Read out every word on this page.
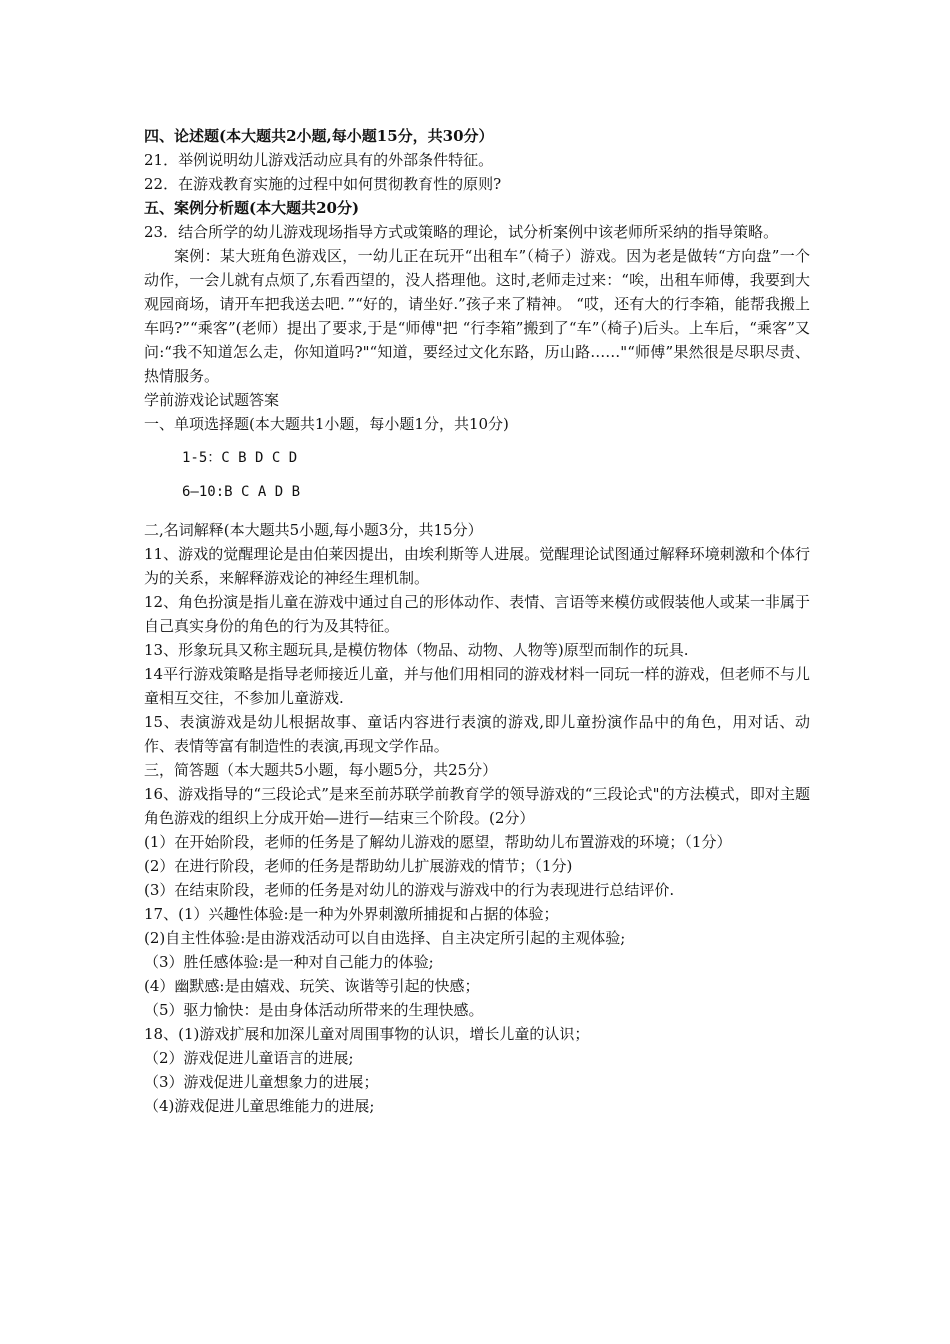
四、论述题(本大题共2小题,每小题15分，共30分）
21．举例说明幼儿游戏活动应具有的外部条件特征。
22．在游戏教育实施的过程中如何贯彻教育性的原则?
五、案例分析题(本大题共20分)
23．结合所学的幼儿游戏现场指导方式或策略的理论，试分析案例中该老师所采纳的指导策略。
案例：某大班角色游戏区，一幼儿正在玩开“出租车”（椅子）游戏。因为老是做转“方向盘”一个动作，一会儿就有点烦了,东看西望的，没人搭理他。这时,老师走过来：“唉，出租车师傅，我要到大观园商场，请开车把我送去吧．”“好的，请坐好.”孩子来了精神。 “哎，还有大的行李箱，能帮我搬上车吗?”“乘客”(老师）提出了要求,于是“师傅"把 “行李箱”搬到了“车”（椅子)后头。上车后，“乘客”又问:“我不知道怎么走，你知道吗?"“知道，要经过文化东路，历山路……"“师傅”果然很是尽职尽责、热情服务。
学前游戏论试题答案
一、单项选择题(本大题共1小题，每小题1分，共10分)
1-5：C B D C D
6—10:B C A D B
二,名词解释(本大题共5小题,每小题3分，共15分）
11、游戏的觉醒理论是由伯莱因提出，由埃利斯等人进展。觉醒理论试图通过解释环境刺激和个体行为的关系，来解释游戏论的神经生理机制。
12、角色扮演是指儿童在游戏中通过自己的形体动作、表情、言语等来模仿或假装他人或某一非属于自己真实身份的角色的行为及其特征。
13、形象玩具又称主题玩具,是模仿物体（物品、动物、人物等)原型而制作的玩具.
14平行游戏策略是指导老师接近儿童，并与他们用相同的游戏材料一同玩一样的游戏，但老师不与儿童相互交往，不参加儿童游戏.
15、表演游戏是幼儿根据故事、童话内容进行表演的游戏,即儿童扮演作品中的角色，用对话、动作、表情等富有制造性的表演,再现文学作品。
三，简答题（本大题共5小题，每小题5分，共25分）
16、游戏指导的“三段论式”是来至前苏联学前教育学的领导游戏的“三段论式"的方法模式，即对主题角色游戏的组织上分成开始—进行—结束三个阶段。(2分）
(1）在开始阶段，老师的任务是了解幼儿游戏的愿望，帮助幼儿布置游戏的环境；（1分）
(2）在进行阶段，老师的任务是帮助幼儿扩展游戏的情节；（1分)
(3）在结束阶段，老师的任务是对幼儿的游戏与游戏中的行为表现进行总结评价.
17、(1）兴趣性体验:是一种为外界刺激所捕捉和占据的体验；
(2)自主性体验:是由游戏活动可以自由选择、自主决定所引起的主观体验;
（3）胜任感体验:是一种对自己能力的体验;
(4）幽默感:是由嬉戏、玩笑、诙谐等引起的快感；
（5）驱力愉快：是由身体活动所带来的生理快感。
18、(1)游戏扩展和加深儿童对周围事物的认识，增长儿童的认识；
（2）游戏促进儿童语言的进展;
（3）游戏促进儿童想象力的进展；
（4)游戏促进儿童思维能力的进展;
